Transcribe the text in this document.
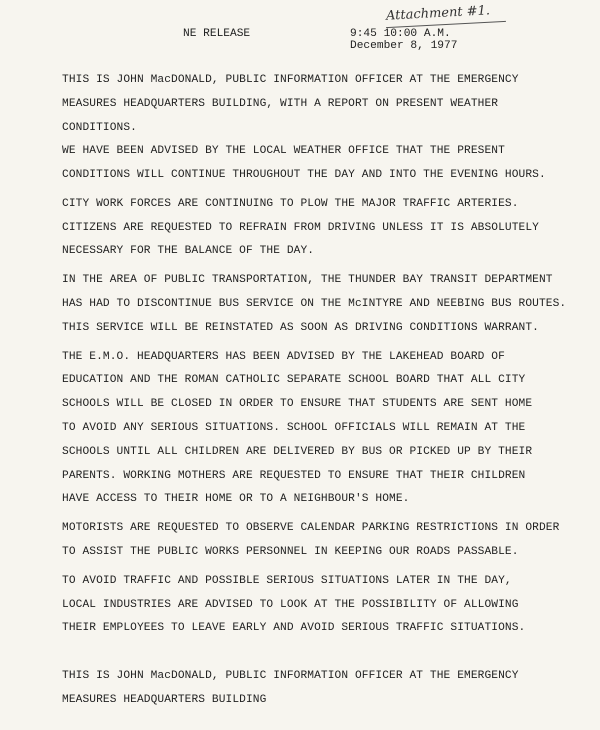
Attachment #1.
NE RELEASE	9:45 10:00 A.M.
December 8, 1977
THIS IS JOHN MacDONALD, PUBLIC INFORMATION OFFICER AT THE EMERGENCY
MEASURES HEADQUARTERS BUILDING, WITH A REPORT ON PRESENT WEATHER
CONDITIONS.
WE HAVE BEEN ADVISED BY THE LOCAL WEATHER OFFICE THAT THE PRESENT
CONDITIONS WILL CONTINUE THROUGHOUT THE DAY AND INTO THE EVENING HOURS.
CITY WORK FORCES ARE CONTINUING TO PLOW THE MAJOR TRAFFIC ARTERIES.
CITIZENS ARE REQUESTED TO REFRAIN FROM DRIVING UNLESS IT IS ABSOLUTELY
NECESSARY FOR THE BALANCE OF THE DAY.
IN THE AREA OF PUBLIC TRANSPORTATION, THE THUNDER BAY TRANSIT DEPARTMENT
HAS HAD TO DISCONTINUE BUS SERVICE ON THE McINTYRE AND NEEBING BUS ROUTES.
THIS SERVICE WILL BE REINSTATED AS SOON AS DRIVING CONDITIONS WARRANT.
THE E.M.O. HEADQUARTERS HAS BEEN ADVISED BY THE LAKEHEAD BOARD OF
EDUCATION AND THE ROMAN CATHOLIC SEPARATE SCHOOL BOARD THAT ALL CITY
SCHOOLS WILL BE CLOSED IN ORDER TO ENSURE THAT STUDENTS ARE SENT HOME
TO AVOID ANY SERIOUS SITUATIONS. SCHOOL OFFICIALS WILL REMAIN AT THE
SCHOOLS UNTIL ALL CHILDREN ARE DELIVERED BY BUS OR PICKED UP BY THEIR
PARENTS. WORKING MOTHERS ARE REQUESTED TO ENSURE THAT THEIR CHILDREN
HAVE ACCESS TO THEIR HOME OR TO A NEIGHBOUR'S HOME.
MOTORISTS ARE REQUESTED TO OBSERVE CALENDAR PARKING RESTRICTIONS IN ORDER
TO ASSIST THE PUBLIC WORKS PERSONNEL IN KEEPING OUR ROADS PASSABLE.
TO AVOID TRAFFIC AND POSSIBLE SERIOUS SITUATIONS LATER IN THE DAY,
LOCAL INDUSTRIES ARE ADVISED TO LOOK AT THE POSSIBILITY OF ALLOWING
THEIR EMPLOYEES TO LEAVE EARLY AND AVOID SERIOUS TRAFFIC SITUATIONS.
THIS IS JOHN MacDONALD, PUBLIC INFORMATION OFFICER AT THE EMERGENCY
MEASURES HEADQUARTERS BUILDING
